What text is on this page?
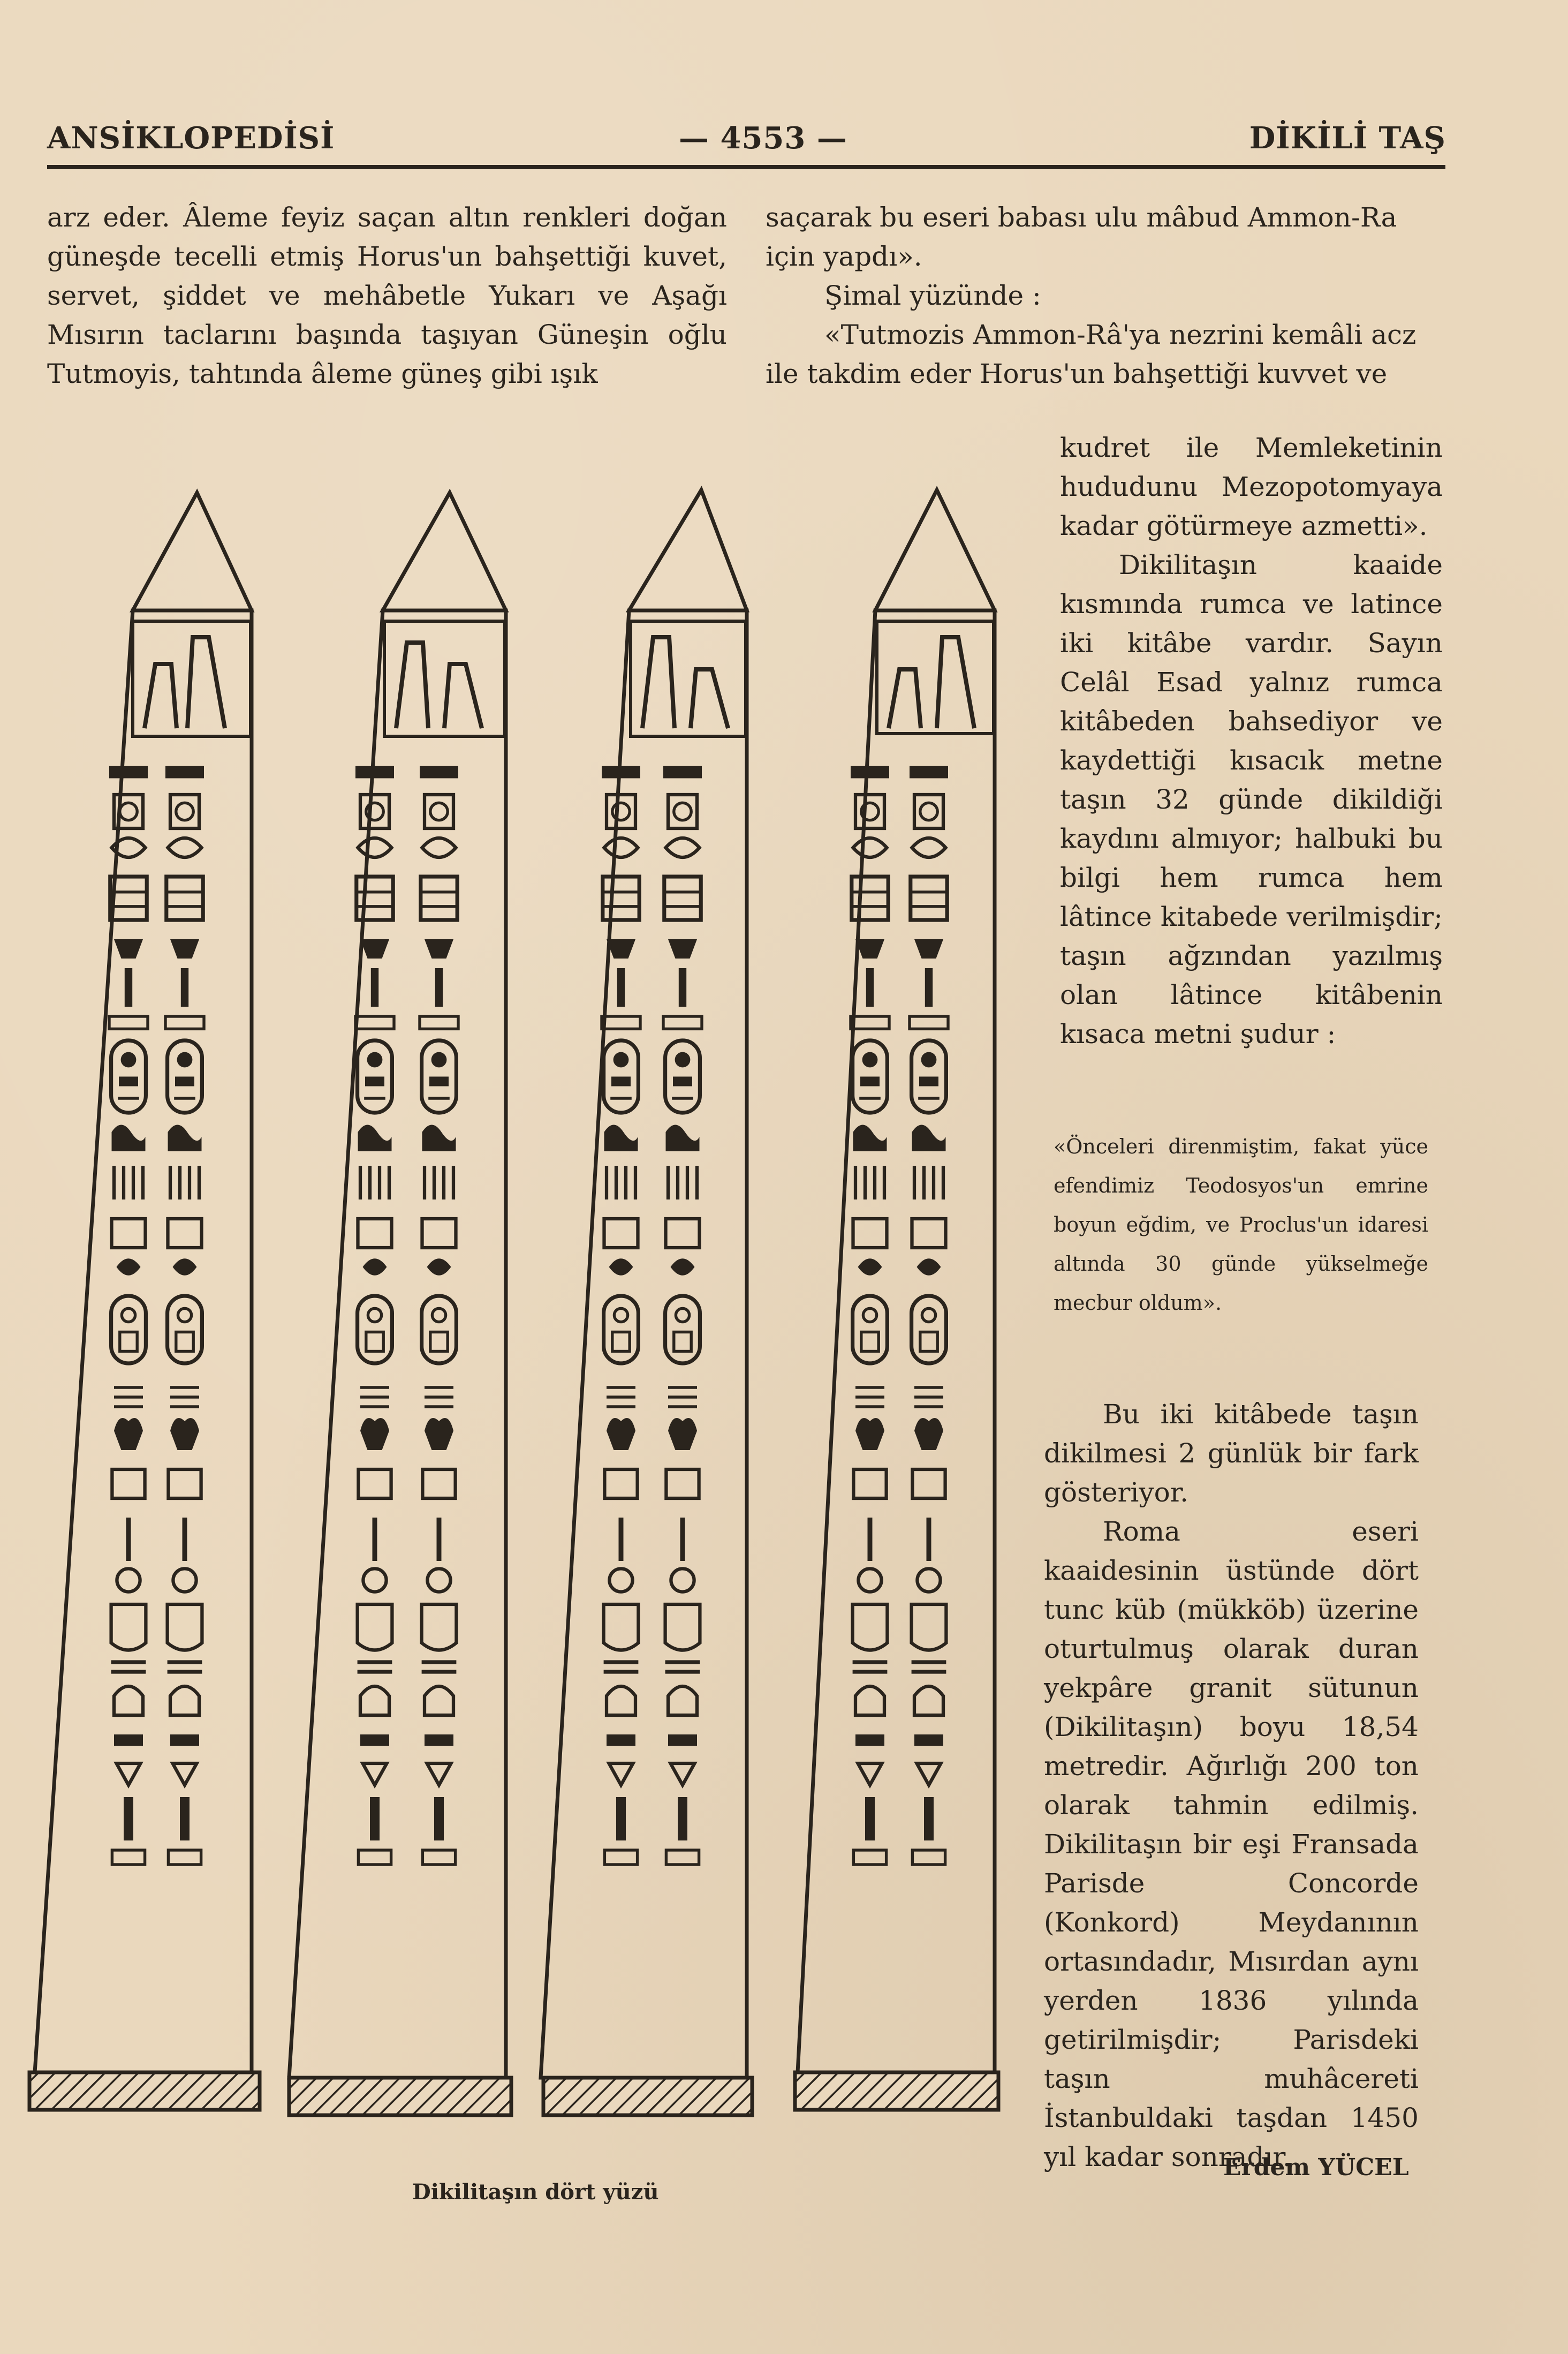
ANSİKLOPEDİSİ	— 4553 —	DİKİLİ TAŞ
arz eder. Âleme feyiz saçan altın renkleri doğan güneşde tecelli etmiş Horus'un bahşettiği kuvet, servet, şiddet ve mehâbetle Yukarı ve Aşağı Mısırın taclarını başında taşıyan Güneşin oğlu Tutmoyis, tahtında âleme güneş gibi ışık

saçarak bu eseri babası ulu mâbud Ammon-Ra için yapdı».

Şimal yüzünde :

«Tutmozis Ammon-Râ'ya nezrini kemâli acz ile takdim eder Horus'un bahşettiği kuvvet ve

kudret ile Memleketinin hududunu Mezopotomyaya kadar götürmeye azmetti».

Dikilitaşın kaaide kısmında rumca ve latince iki kitâbe vardır. Sayın Celâl Esad yalnız rumca kitâbeden bahsediyor ve kaydettiği kısacık metne taşın 32 günde dikildiği kaydını almıyor; halbuki bu bilgi hem rumca hem lâtince kitabede verilmişdir; taşın ağzından yazılmış olan lâtince kitâbenin kısaca metni şudur :

«Önceleri direnmiştim, fakat yüce efendimiz Teodosyos'un emrine boyun eğdim, ve Proclus'un idaresi altında 30 günde yükselmeğe mecbur oldum».

Bu iki kitâbede taşın dikilmesi 2 günlük bir fark gösteriyor.

Roma eseri kaaidesinin üstünde dört tunc küb (mükköb) üzerine oturtulmuş olarak duran yekpâre granit sütunun (Dikilitaşın) boyu 18,54 metredir. Ağırlığı 200 ton olarak tahmin edilmiş. Dikilitaşın bir eşi Fransada Parisde Concorde (Konkord) Meydanının ortasındadır, Mısırdan aynı yerden 1836 yılında getirilmişdir; Parisdeki taşın muhâcereti İstanbuldaki taşdan 1450 yıl kadar sonradır.

Erdem YÜCEL
Dikilitaşın dört yüzü
